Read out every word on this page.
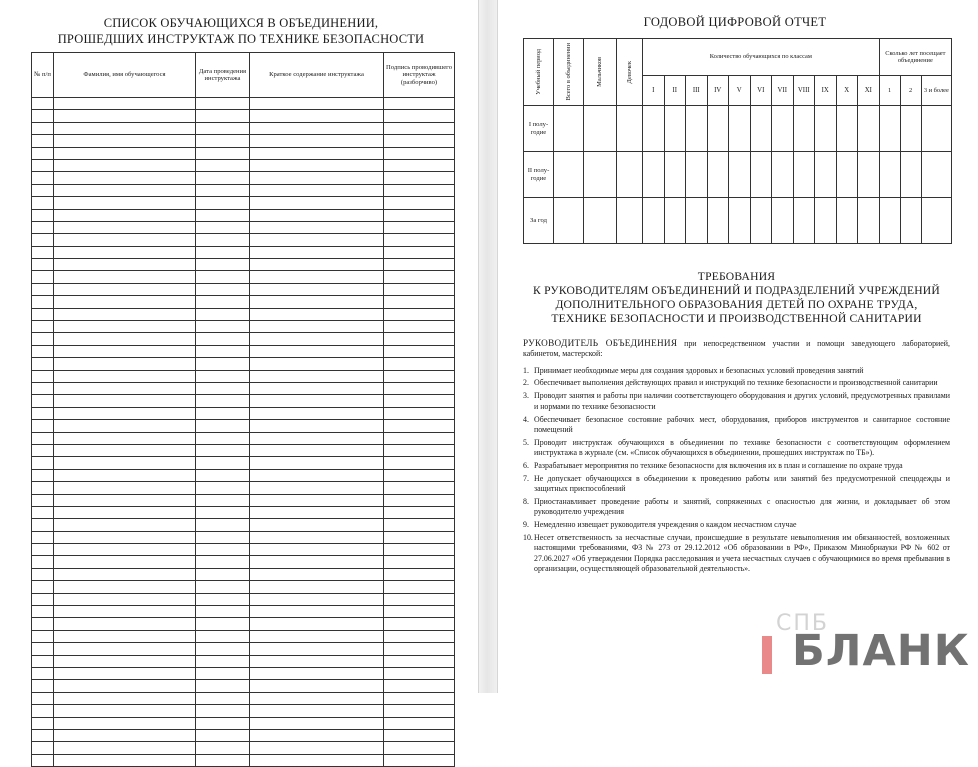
СПИСОК ОБУЧАЮЩИХСЯ В ОБЪЕДИНЕНИИ,
ПРОШЕДШИХ ИНСТРУКТАЖ ПО ТЕХНИКЕ БЕЗОПАСНОСТИ
№ п/п	Фамилия, имя обучающегося	Дата проведения инструктажа	Краткое содержание инструктажа	Подпись проводившего инструктаж (разборчиво)

ГОДОВОЙ ЦИФРОВОЙ ОТЧЕТ
Учебный период	Всего в объединении	Мальчиков	Девочек	Количество обучающихся по классам											Сколько лет посещает объединение		
				I	II	III	IV	V	VI	VII	VIII	IX	X	XI	1	2	3 и более
I полу-годие																	
II полу-годие																	
За год																	
ТРЕБОВАНИЯ
К РУКОВОДИТЕЛЯМ ОБЪЕДИНЕНИЙ И ПОДРАЗДЕЛЕНИЙ УЧРЕЖДЕНИЙ
ДОПОЛНИТЕЛЬНОГО ОБРАЗОВАНИЯ ДЕТЕЙ ПО ОХРАНЕ ТРУДА,
ТЕХНИКЕ БЕЗОПАСНОСТИ И ПРОИЗВОДСТВЕННОЙ САНИТАРИИ
РУКОВОДИТЕЛЬ ОБЪЕДИНЕНИЯ при непосредственном участии и помощи заведующего лабораторией, кабинетом, мастерской:
1. Принимает необходимые меры для создания здоровых и безопасных условий проведения занятий
2. Обеспечивает выполнения действующих правил и инструкций по технике безопасности и производственной санитарии
3. Проводит занятия и работы при наличии соответствующего оборудования и других условий, предусмотренных правилами и нормами по технике безопасности
4. Обеспечивает безопасное состояние рабочих мест, оборудования, приборов инструментов и санитарное состояние помещений
5. Проводит инструктаж обучающихся в объединении по технике безопасности с соответствующим оформлением инструктажа в журнале (см. «Список обучающихся в объединении, прошедших инструктаж по ТБ»).
6. Разрабатывает мероприятия по технике безопасности для включения их в план и соглашение по охране труда
7. Не допускает обучающихся в объединении к проведению работы или занятий без предусмотренной спецодежды и защитных приспособлений
8. Приостанавливает проведение работы и занятий, сопряженных с опасностью для жизни, и докладывает об этом руководителю учреждения
9. Немедленно извещает руководителя учреждения о каждом несчастном случае
10. Несет ответственность за несчастные случаи, происшедшие в результате невыполнения им обязанностей, возложенных настоящими требованиями, ФЗ № 273 от 29.12.2012 «Об образовании в РФ», Приказом Минобрнауки РФ № 602 от 27.06.2027 «Об утверждении Порядка расследования и учета несчастных случаев с обучающимися во время пребывания в организации, осуществляющей образовательной деятельность».
СПБ
БЛАНК
